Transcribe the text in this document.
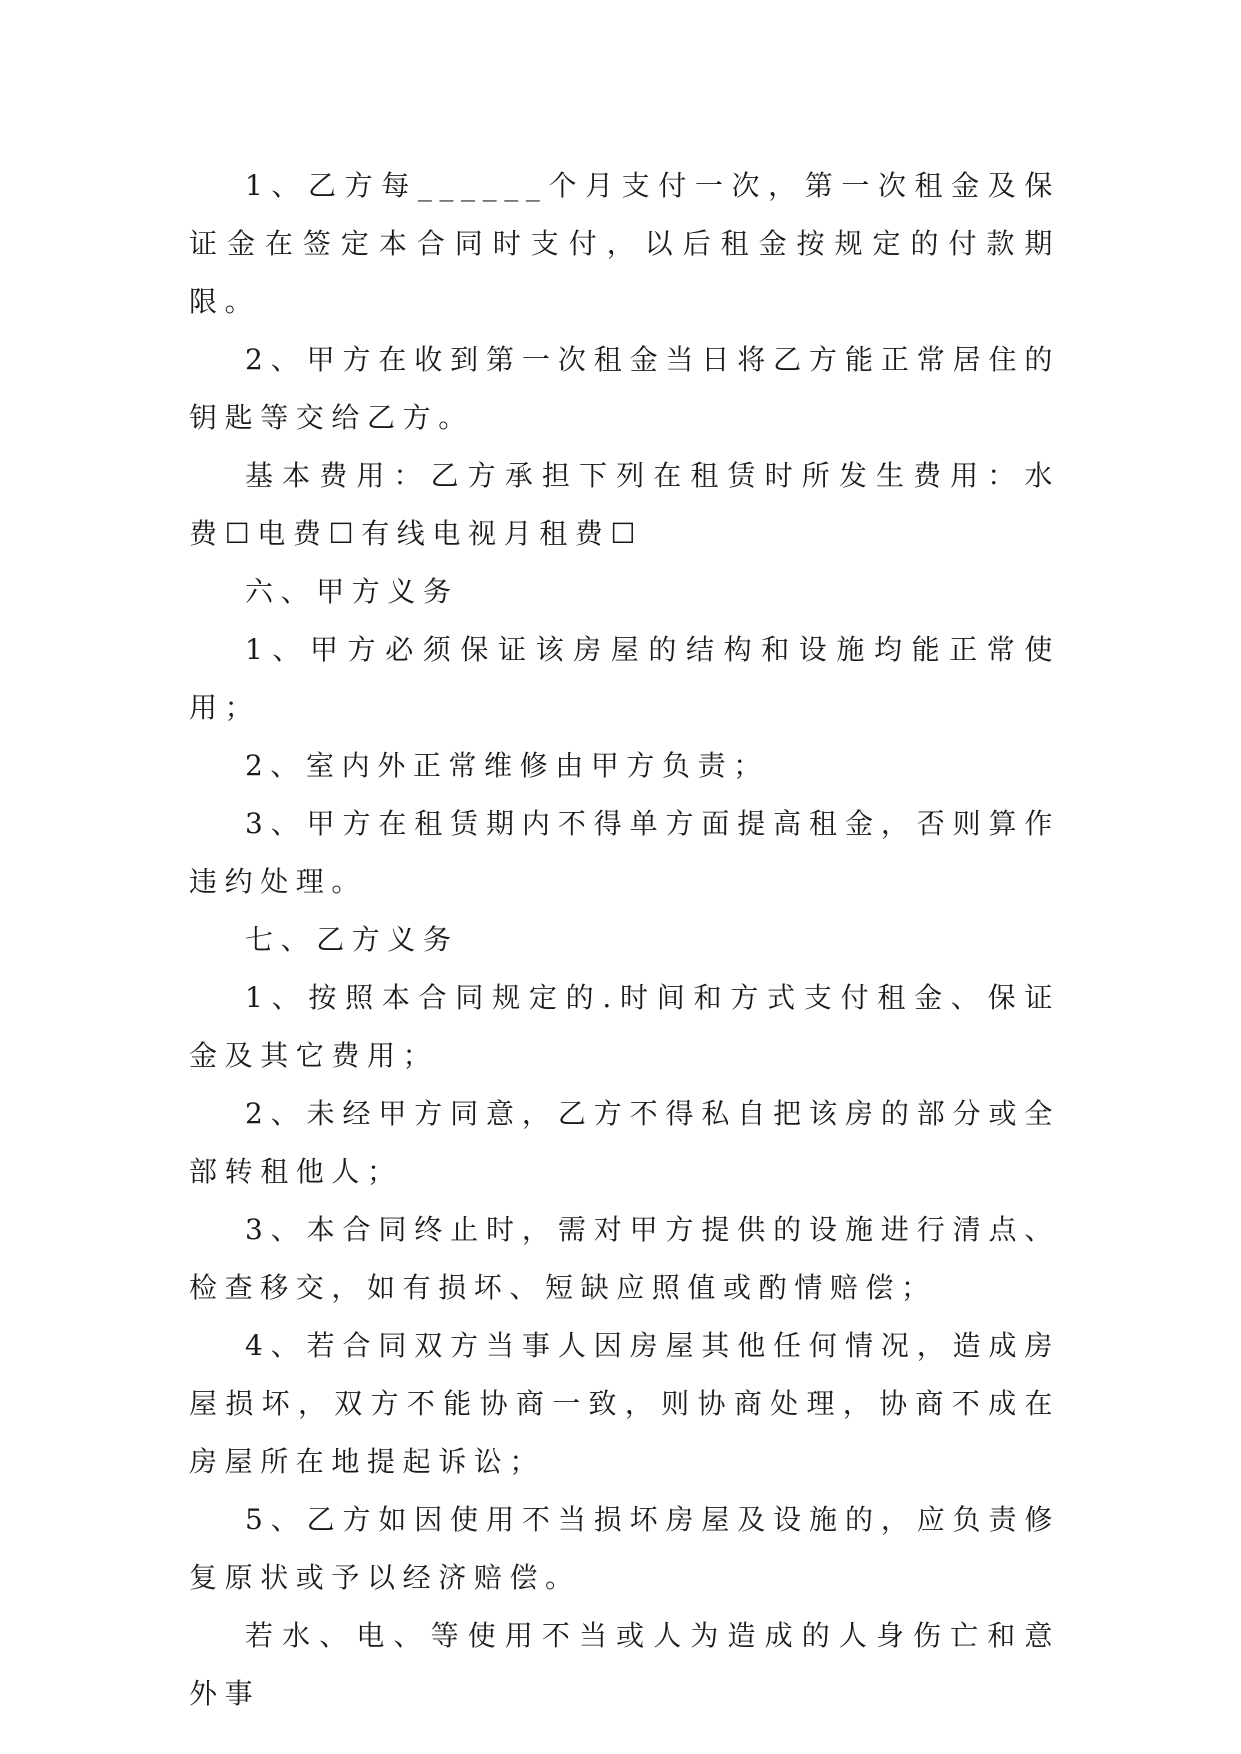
1、乙方每______个月支付一次，第一次租金及保证金在签定本合同时支付，以后租金按规定的付款期限。

2、甲方在收到第一次租金当日将乙方能正常居住的钥匙等交给乙方。

基本费用：乙方承担下列在租赁时所发生费用：水费☐电费☐有线电视月租费☐

六、甲方义务

1、甲方必须保证该房屋的结构和设施均能正常使用；

2、室内外正常维修由甲方负责；

3、甲方在租赁期内不得单方面提高租金，否则算作违约处理。

七、乙方义务

1、按照本合同规定的.时间和方式支付租金、保证金及其它费用；

2、未经甲方同意，乙方不得私自把该房的部分或全部转租他人；

3、本合同终止时，需对甲方提供的设施进行清点、检查移交，如有损坏、短缺应照值或酌情赔偿；

4、若合同双方当事人因房屋其他任何情况，造成房屋损坏，双方不能协商一致，则协商处理，协商不成在房屋所在地提起诉讼；

5、乙方如因使用不当损坏房屋及设施的，应负责修复原状或予以经济赔偿。

若水、电、等使用不当或人为造成的人身伤亡和意外事
